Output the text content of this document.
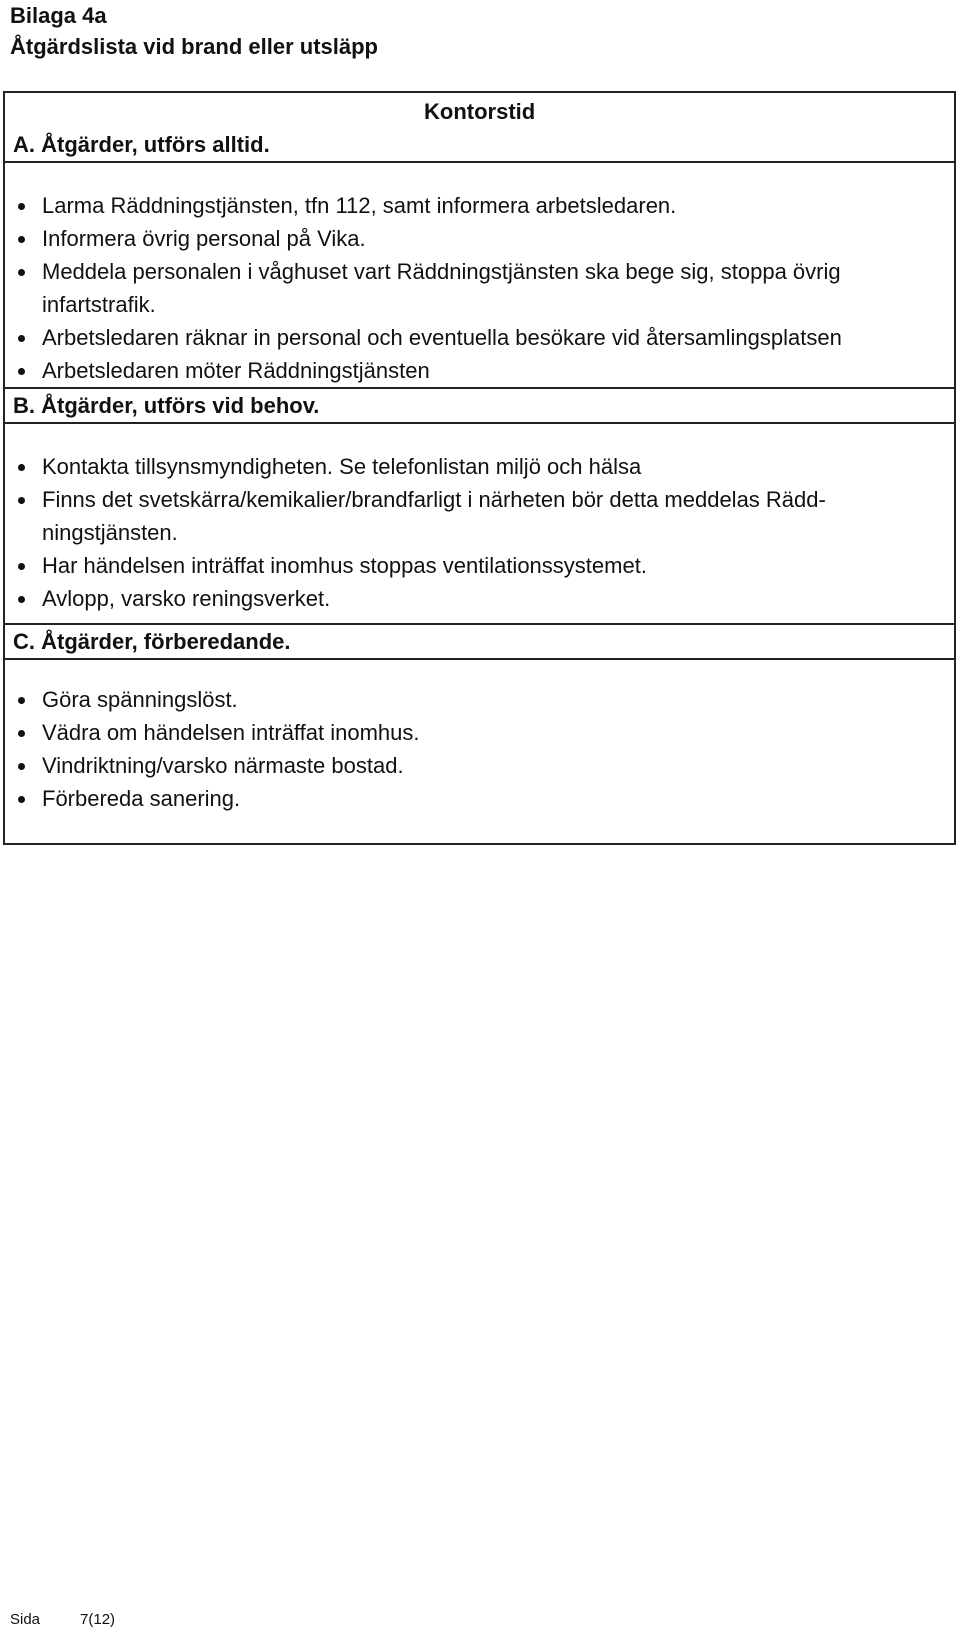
Bilaga 4a
Åtgärdslista vid brand eller utsläpp
Kontorstid
A. Åtgärder, utförs alltid.
Larma Räddningstjänsten, tfn 112, samt informera arbetsledaren.
Informera övrig personal på Vika.
Meddela personalen i våghuset vart Räddningstjänsten ska bege sig, stoppa övrig
infartstrafik.
Arbetsledaren räknar in personal och eventuella besökare vid återsamlingsplatsen
Arbetsledaren möter Räddningstjänsten
B. Åtgärder, utförs vid behov.
Kontakta tillsynsmyndigheten. Se telefonlistan miljö och hälsa
Finns det svetskärra/kemikalier/brandfarligt i närheten bör detta meddelas Rädd-
ningstjänsten.
Har händelsen inträffat inomhus stoppas ventilationssystemet.
Avlopp, varsko reningsverket.
C. Åtgärder, förberedande.
Göra spänningslöst.
Vädra om händelsen inträffat inomhus.
Vindriktning/varsko närmaste bostad.
Förbereda sanering.
Sida	7(12)
